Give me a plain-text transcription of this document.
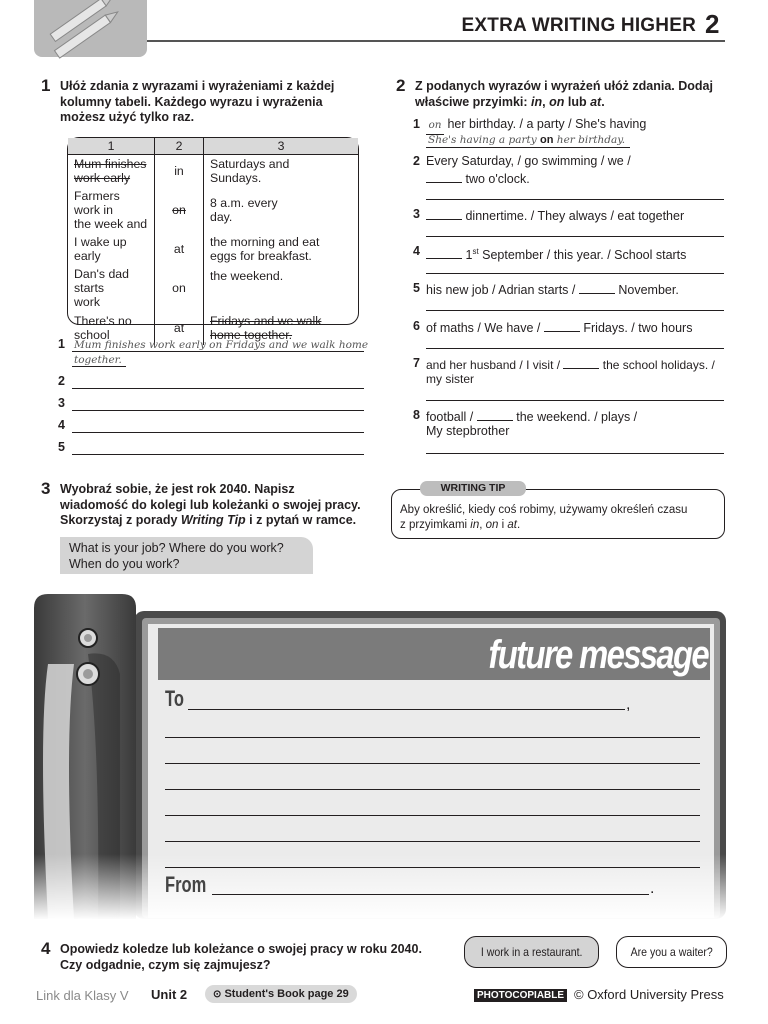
EXTRA WRITING HIGHER 2
1 Ułóż zdania z wyrazami i wyrażeniami z każdej
kolumny tabeli. Każdego wyrazu i wyrażenia
możesz użyć tylko raz.
1	2	3
Mum finishes
work early	in	Saturdays and
Sundays.
Farmers work in
the week and	on	8 a.m. every
day.
I wake up
early	at	the morning and eat
eggs for breakfast.
Dan's dad starts
work	on	the weekend.
There's no
school	at	Fridays and we walk
home together.
1 Mum finishes work early on Fridays and we walk home
together.
2
3
4
5
2 Z podanych wyrazów i wyrażeń ułóż zdania. Dodaj
właściwe przyimki: in, on lub at.
1 on her birthday. / a party / She's having
She's having a party on her birthday.
2 Every Saturday, / go swimming / we /
two o'clock.
3	dinnertime. / They always / eat together
4	1st September / this year. / School starts
5 his new job / Adrian starts /	November.
6 of maths / We have /	Fridays. / two hours
7 and her husband / I visit /	the school holidays. /
my sister
8 football /	the weekend. / plays /
My stepbrother
WRITING TIP
Aby określić, kiedy coś robimy, używamy określeń czasu
z przyimkami in, on i at.
3 Wyobraź sobie, że jest rok 2040. Napisz
wiadomość do kolegi lub koleżanki o swojej pracy.
Skorzystaj z porady Writing Tip i z pytań w ramce.
What is your job? Where do you work?
When do you work?
future message
To	,
From	.
4 Opowiedz koledze lub koleżance o swojej pracy w roku 2040.
Czy odgadnie, czym się zajmujesz?
I work in a restaurant.	Are you a waiter?
Link dla Klasy V Unit 2	⊙ Student's Book page 29	PHOTOCOPIABLE © Oxford University Press
